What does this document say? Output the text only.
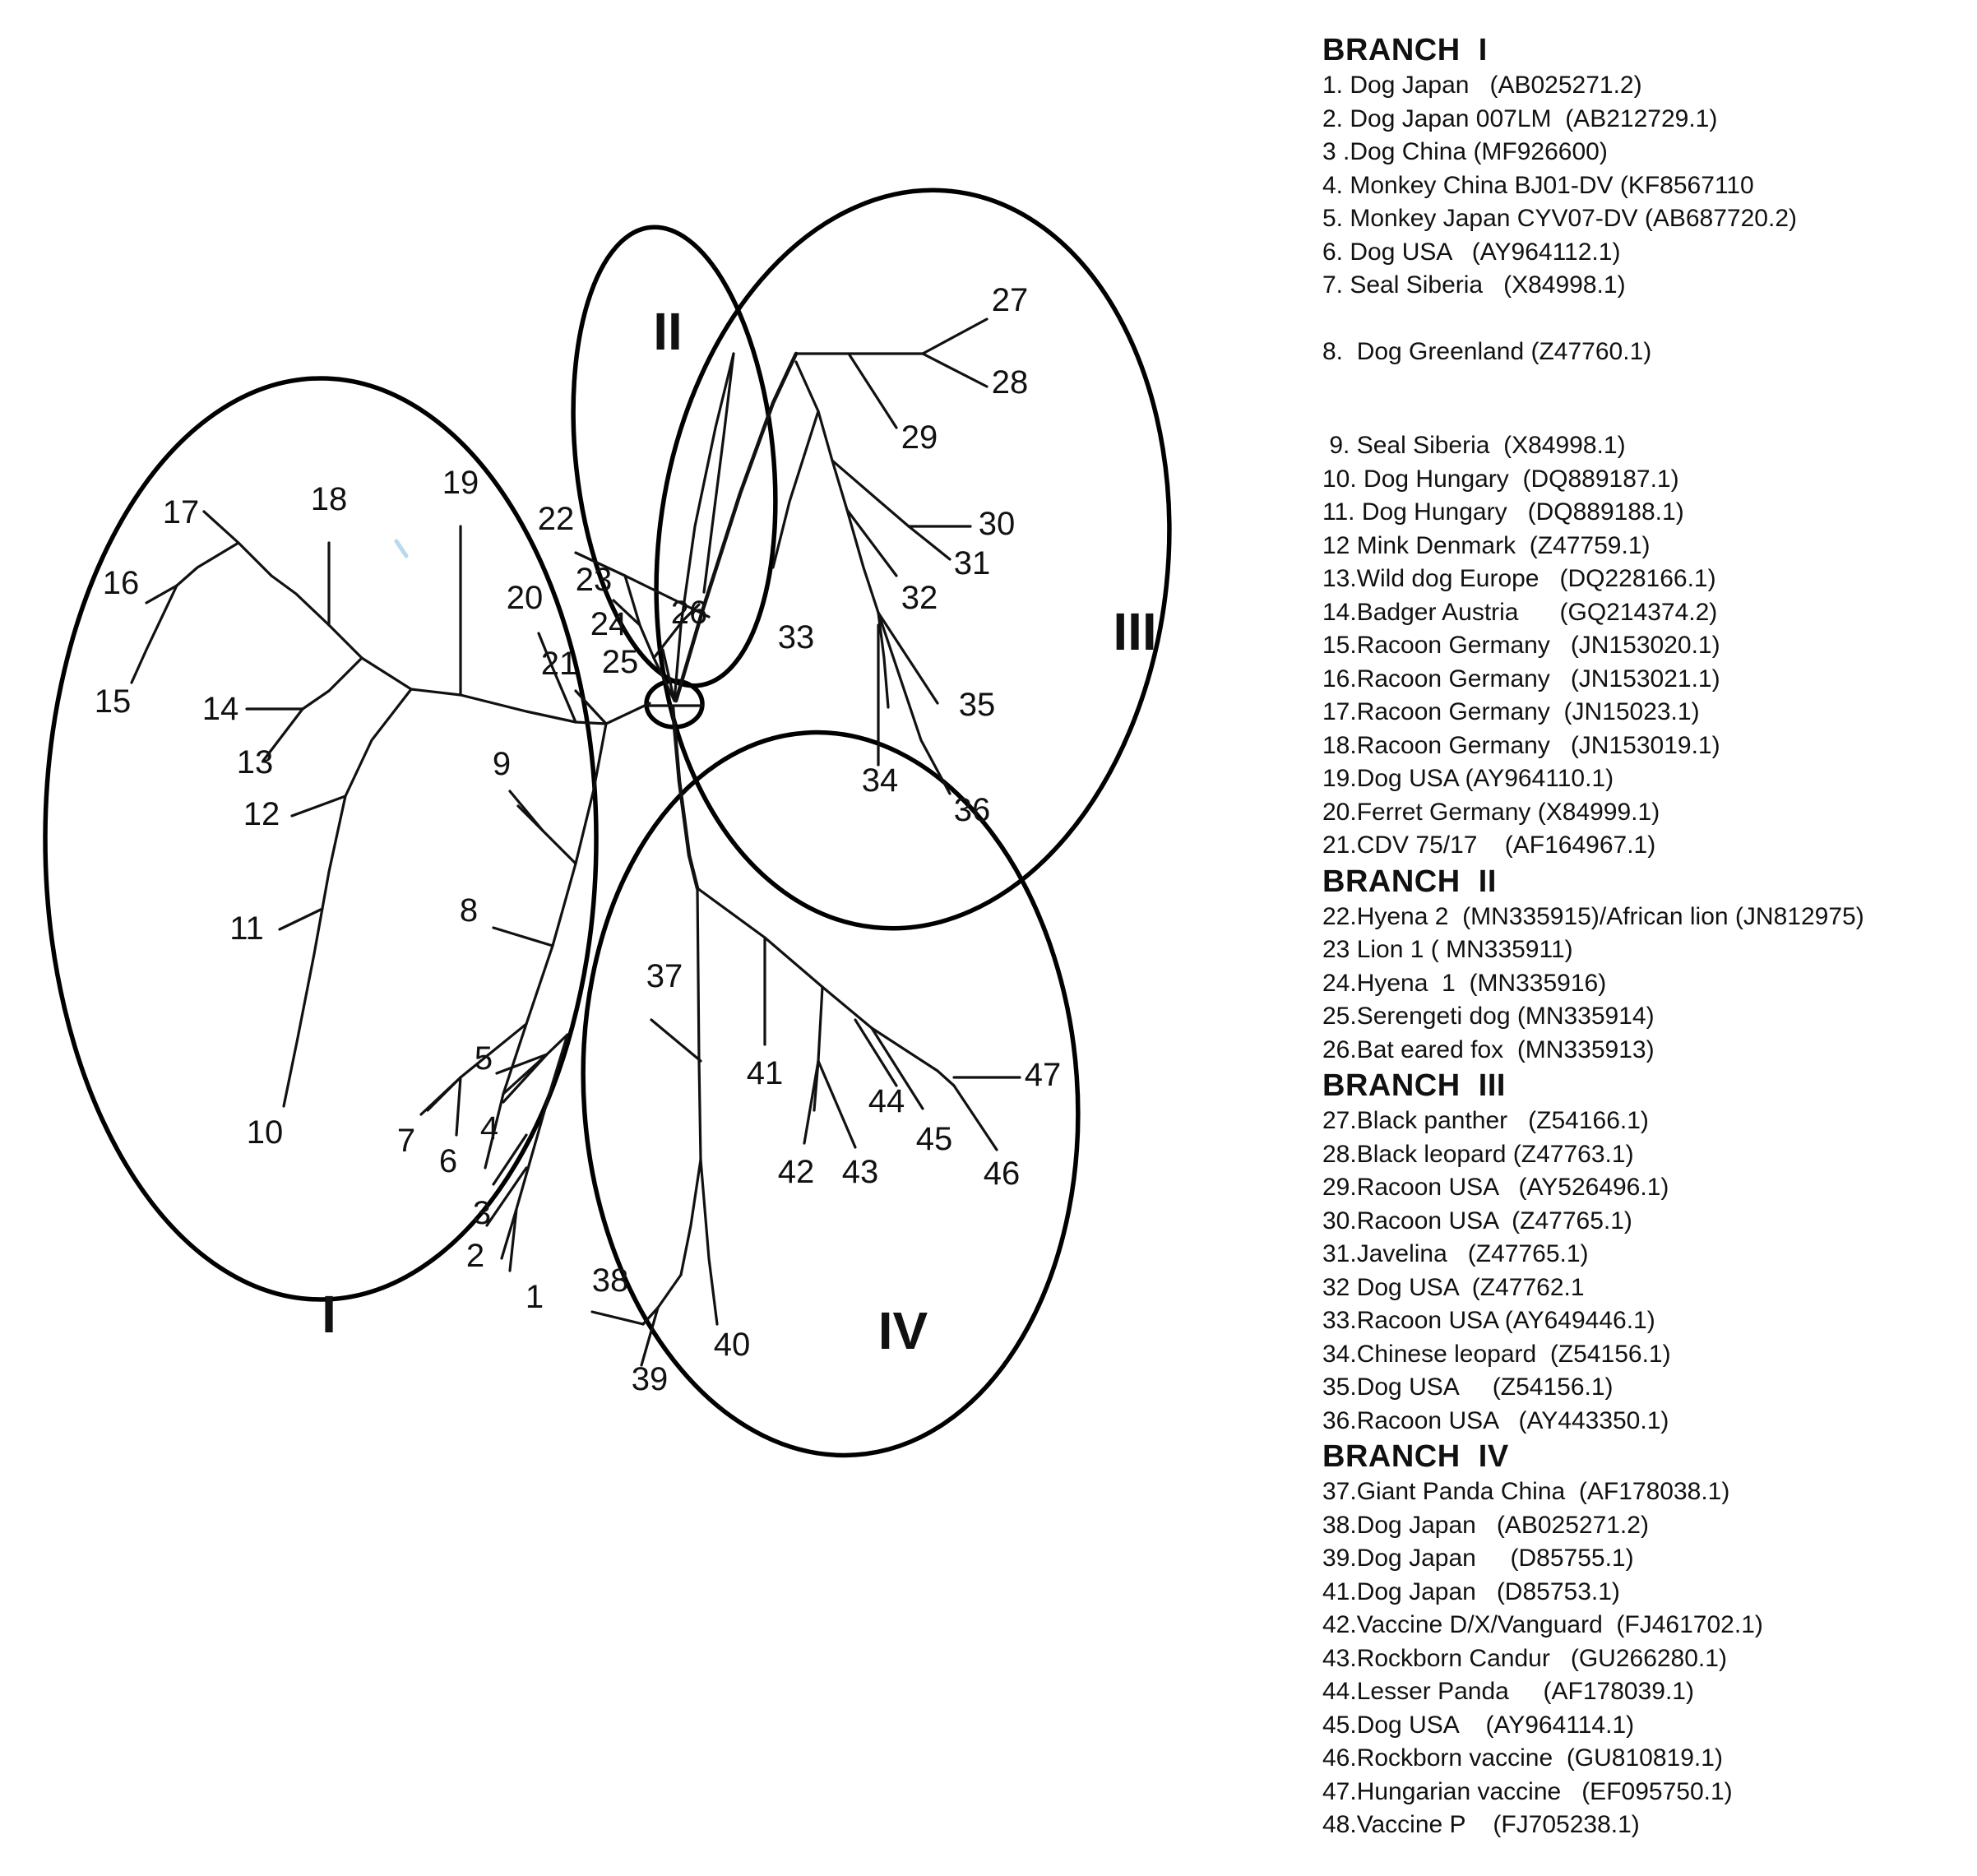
1
2
3
4
5
6
7
8
9
10
11
12
13
14
15
16
17	18	19
20
21
22
23
24
25
26
27
28
29
30
31
32
33
34
35
36
37
38
39
40
41
42 43
44
45
46
47
I
II
III
IV
BRANCH  I
1. Dog Japan   (AB025271.2)
2. Dog Japan 007LM  (AB212729.1)
3 .Dog China (MF926600)
4. Monkey China BJ01-DV (KF8567110
5. Monkey Japan CYV07-DV (AB687720.2)
6. Dog USA   (AY964112.1)
7. Seal Siberia   (X84998.1)
8.  Dog Greenland (Z47760.1)
9. Seal Siberia  (X84998.1)
10. Dog Hungary  (DQ889187.1)
11. Dog Hungary   (DQ889188.1)
12 Mink Denmark  (Z47759.1)
13.Wild dog Europe   (DQ228166.1)
14.Badger Austria      (GQ214374.2)
15.Racoon Germany   (JN153020.1)
16.Racoon Germany   (JN153021.1)
17.Racoon Germany  (JN15023.1)
18.Racoon Germany   (JN153019.1)
19.Dog USA (AY964110.1)
20.Ferret Germany (X84999.1)
21.CDV 75/17    (AF164967.1)
BRANCH  II
22.Hyena 2  (MN335915)/African lion (JN812975)
23 Lion 1 ( MN335911)
24.Hyena  1  (MN335916)
25.Serengeti dog (MN335914)
26.Bat eared fox  (MN335913)
BRANCH  III
27.Black panther   (Z54166.1)
28.Black leopard (Z47763.1)
29.Racoon USA   (AY526496.1)
30.Racoon USA  (Z47765.1)
31.Javelina   (Z47765.1)
32 Dog USA  (Z47762.1
33.Racoon USA (AY649446.1)
34.Chinese leopard  (Z54156.1)
35.Dog USA     (Z54156.1)
36.Racoon USA   (AY443350.1)
BRANCH  IV
37.Giant Panda China  (AF178038.1)
38.Dog Japan   (AB025271.2)
39.Dog Japan     (D85755.1)
41.Dog Japan   (D85753.1)
42.Vaccine D/X/Vanguard  (FJ461702.1)
43.Rockborn Candur   (GU266280.1)
44.Lesser Panda     (AF178039.1)
45.Dog USA    (AY964114.1)
46.Rockborn vaccine  (GU810819.1)
47.Hungarian vaccine   (EF095750.1)
48.Vaccine P    (FJ705238.1)
